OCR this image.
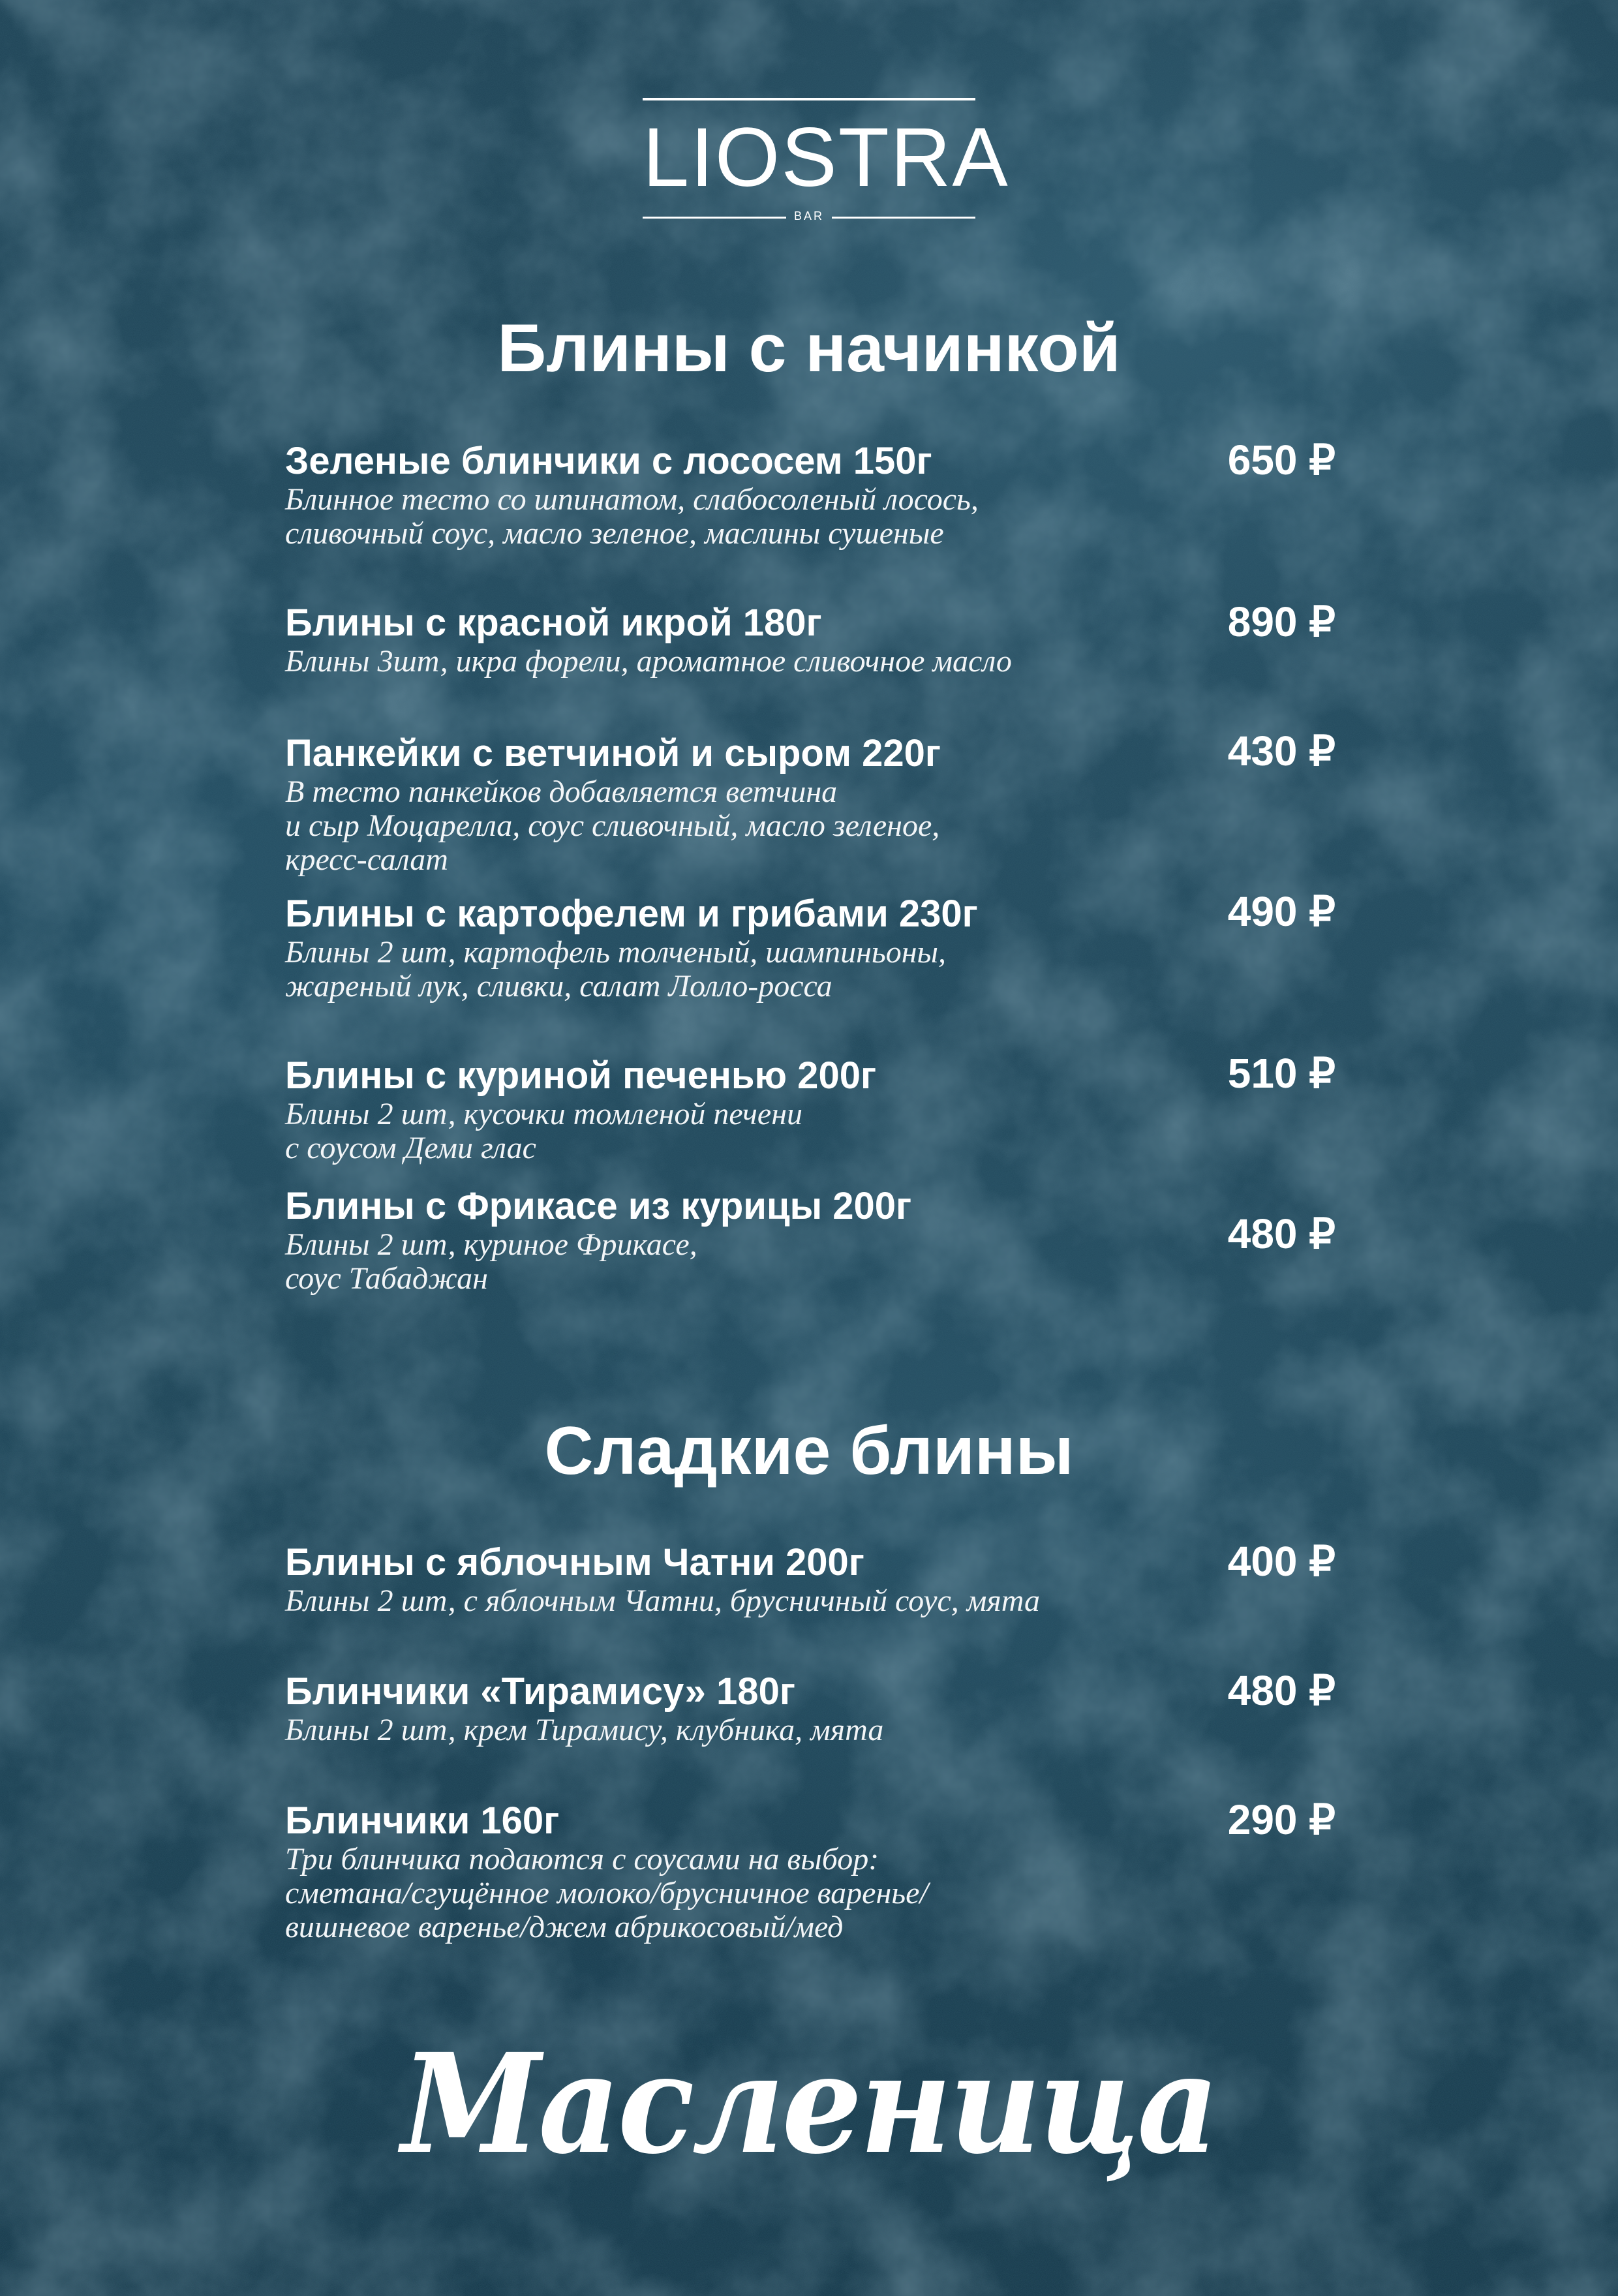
LIOSTRA
BAR
Блины с начинкой
Зеленые блинчики с лососем 150г
Блинное тесто со шпинатом, слабосоленый лосось,
сливочный соус, масло зеленое, маслины сушеные
650 ₽
Блины с красной икрой 180г
Блины 3шт, икра форели, ароматное сливочное масло
890 ₽
Панкейки с ветчиной и сыром 220г
В тесто панкейков добавляется ветчина
и сыр Моцарелла, соус сливочный, масло зеленое,
кресс-салат
430 ₽
Блины с картофелем и грибами 230г
Блины 2 шт, картофель толченый, шампиньоны,
жареный лук, сливки, салат Лолло-росса
490 ₽
Блины с куриной печенью 200г
Блины 2 шт, кусочки томленой печени
с соусом Деми глас
510 ₽
Блины с Фрикасе из курицы 200г
Блины 2 шт, куриное Фрикасе,
соус Табаджан
480 ₽
Сладкие блины
Блины с яблочным Чатни 200г
Блины 2 шт, с яблочным Чатни, брусничный соус, мята
400 ₽
Блинчики «Тирамису» 180г
Блины 2 шт, крем Тирамису, клубника, мята
480 ₽
Блинчики 160г
Три блинчика подаются с соусами на выбор:
сметана/сгущённое молоко/брусничное варенье/
вишневое варенье/джем абрикосовый/мед
290 ₽
Масленица
